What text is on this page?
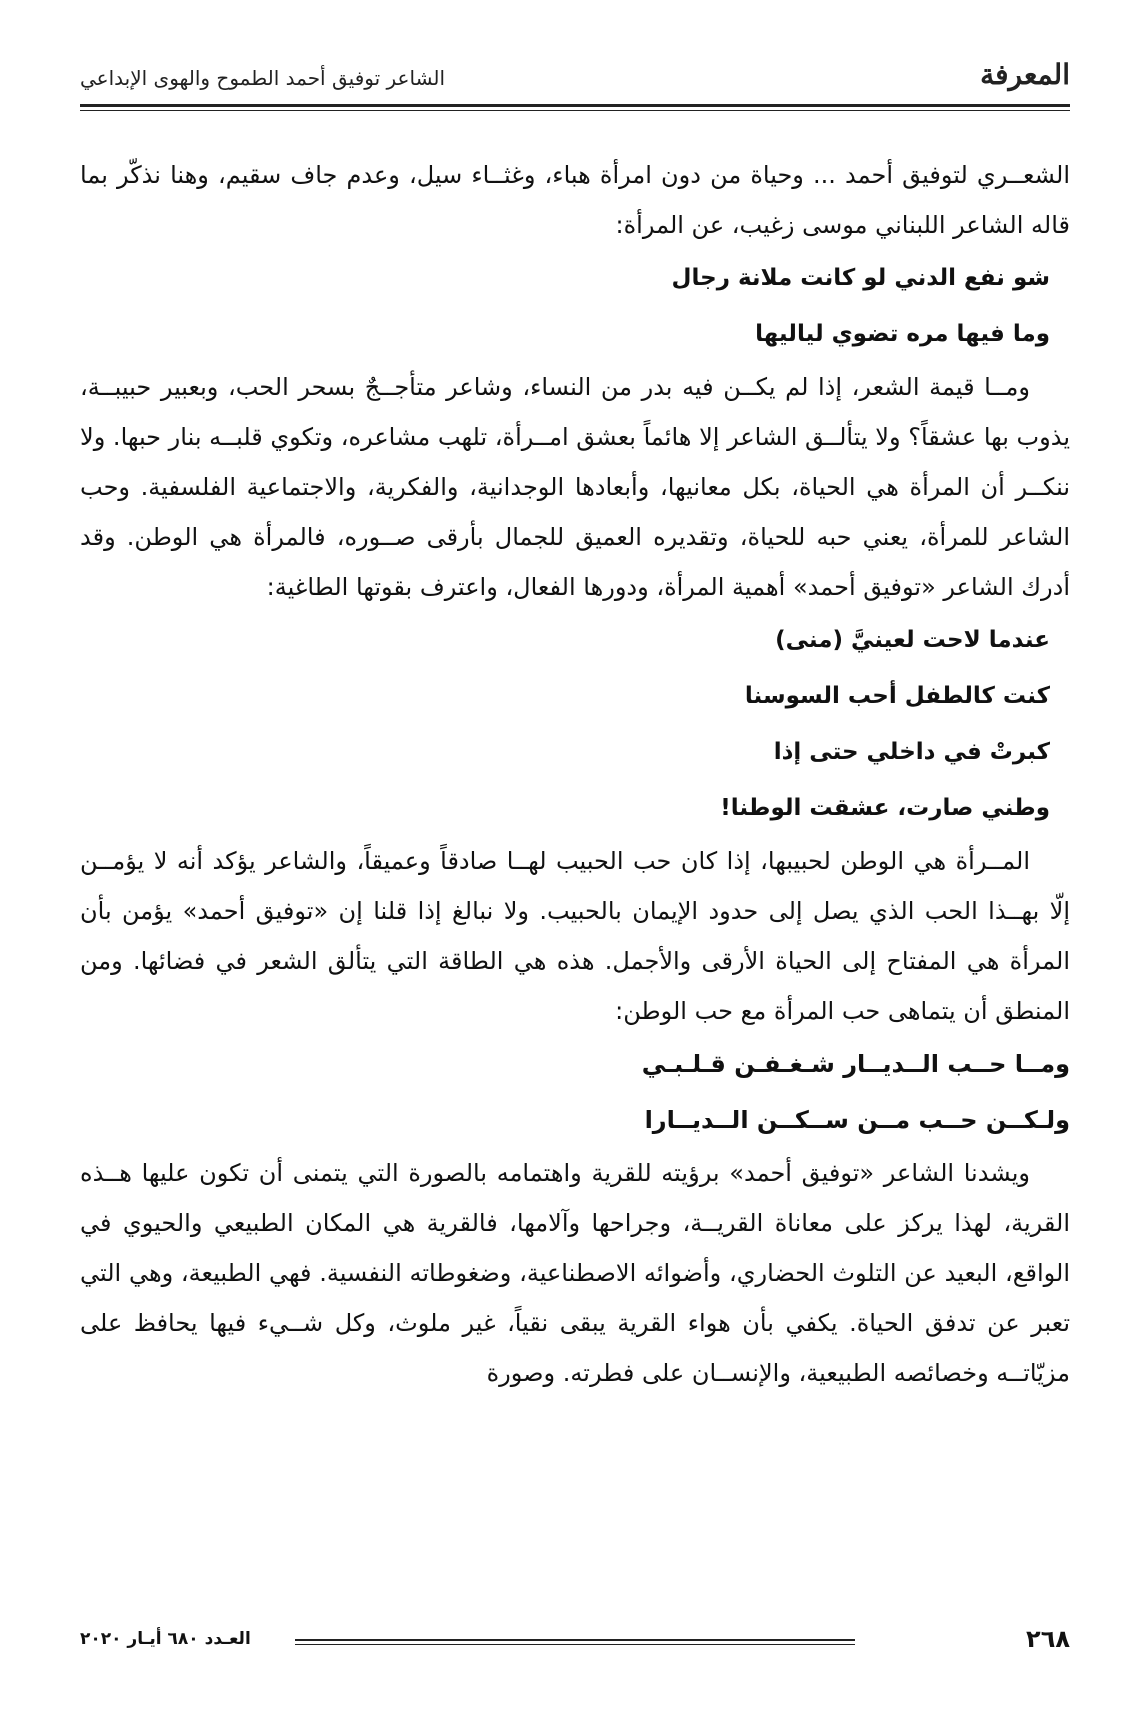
المعرفة
الشاعر توفيق أحمد الطموح والهوى الإبداعي

الشعــري لتوفيق أحمد ... وحياة من دون امرأة هباء، وغثــاء سيل، وعدم جاف سقيم، وهنا نذكّر بما قاله الشاعر اللبناني موسى زغيب، عن المرأة:

شو نفع الدني لو كانت ملانة رجال

وما فيها مره تضوي لياليها

ومــا قيمة الشعر، إذا لم يكــن فيه بدر من النساء، وشاعر متأجــجٌ بسحر الحب، وبعبير حبيبــة، يذوب بها عشقاً؟ ولا يتألــق الشاعر إلا هائماً بعشق امــرأة، تلهب مشاعره، وتكوي قلبــه بنار حبها. ولا ننكــر أن المرأة هي الحياة، بكل معانيها، وأبعادها الوجدانية، والفكرية، والاجتماعية الفلسفية. وحب الشاعر للمرأة، يعني حبه للحياة، وتقديره العميق للجمال بأرقى صــوره، فالمرأة هي الوطن. وقد أدرك الشاعر «توفيق أحمد» أهمية المرأة، ودورها الفعال، واعترف بقوتها الطاغية:

عندما لاحت لعينيَّ (منى)

كنت كالطفل أحب السوسنا

كبرتْ في داخلي حتى إذا

وطني صارت، عشقت الوطنا!

المــرأة هي الوطن لحبيبها، إذا كان حب الحبيب لهــا صادقاً وعميقاً، والشاعر يؤكد أنه لا يؤمــن إلّا بهــذا الحب الذي يصل إلى حدود الإيمان بالحبيب. ولا نبالغ إذا قلنا إن «توفيق أحمد» يؤمن بأن المرأة هي المفتاح إلى الحياة الأرقى والأجمل. هذه هي الطاقة التي يتألق الشعر في فضائها. ومن المنطق أن يتماهى حب المرأة مع حب الوطن:

ومــا حــب الــديــار شـغـفـن قـلـبـي

ولـكــن حــب مــن ســكــن الــديــارا

ويشدنا الشاعر «توفيق أحمد» برؤيته للقرية واهتمامه بالصورة التي يتمنى أن تكون عليها هــذه القرية، لهذا يركز على معاناة القريــة، وجراحها وآلامها، فالقرية هي المكان الطبيعي والحيوي في الواقع، البعيد عن التلوث الحضاري، وأضوائه الاصطناعية، وضغوطاته النفسية. فهي الطبيعة، وهي التي تعبر عن تدفق الحياة. يكفي بأن هواء القرية يبقى نقياً، غير ملوث، وكل شــيء فيها يحافظ على مزيّاتــه وخصائصه الطبيعية، والإنســان على فطرته. وصورة

٢٦٨
العـدد ٦٨٠ أيـار ٢٠٢٠
